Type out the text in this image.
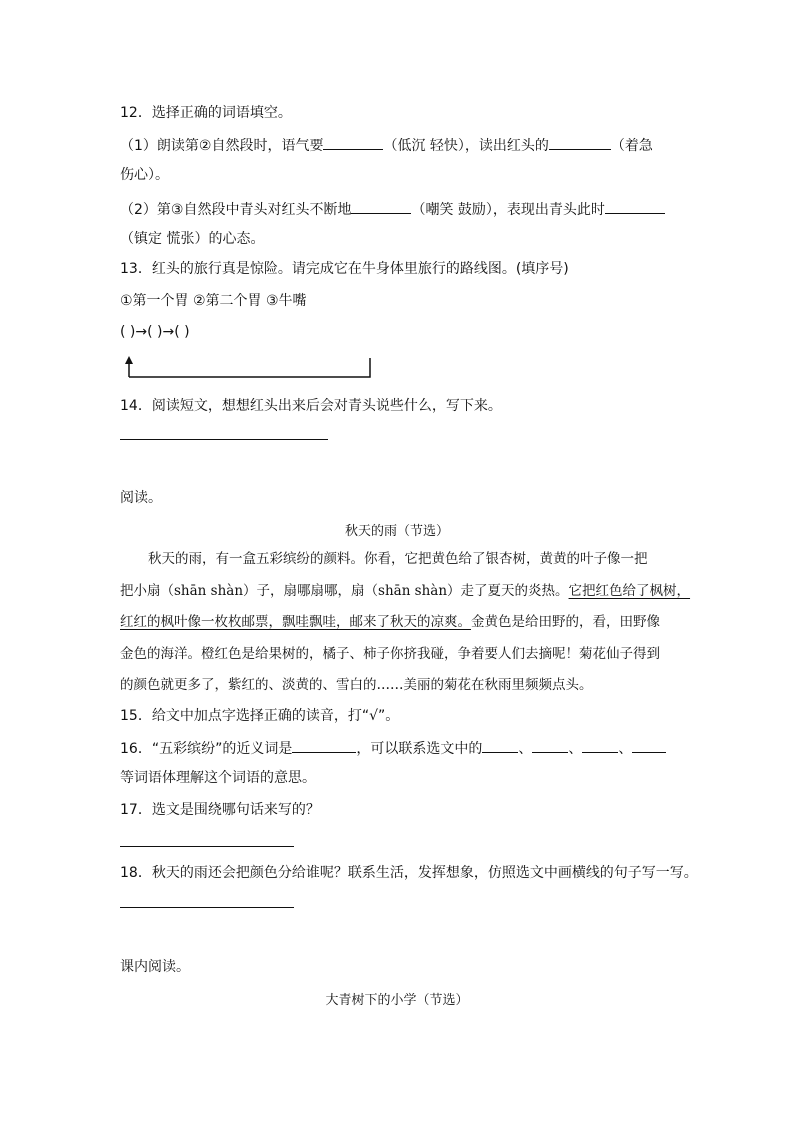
12．选择正确的词语填空。
（1）朗读第②自然段时，语气要	（低沉 轻快），读出红头的	（着急
伤心）。
（2）第③自然段中青头对红头不断地	（嘲笑 鼓励），表现出青头此时
（镇定 慌张）的心态。
13．红头的旅行真是惊险。请完成它在牛身体里旅行的路线图。(填序号)
①第一个胃 ②第二个胃 ③牛嘴
( )→( )→( )
14．阅读短文，想想红头出来后会对青头说些什么，写下来。
阅读。
秋天的雨（节选）
秋天的雨，有一盒五彩缤纷的颜料。你看，它把黄色给了银杏树，黄黄的叶子像一把
把小扇（shān shàn）子，扇哪扇哪，扇（shān shàn）走了夏天的炎热。它把红色给了枫树，
红红的枫叶像一枚枚邮票，飘哇飘哇，邮来了秋天的凉爽。金黄色是给田野的，看，田野像
金色的海洋。橙红色是给果树的，橘子、柿子你挤我碰，争着要人们去摘呢！菊花仙子得到
的颜色就更多了，紫红的、淡黄的、雪白的……美丽的菊花在秋雨里频频点头。
15．给文中加点字选择正确的读音，打“√”。
16．“五彩缤纷”的近义词是	，可以联系选文中的	、	、	、
等词语体理解这个词语的意思。
17．选文是围绕哪句话来写的？
18．秋天的雨还会把颜色分给谁呢？联系生活，发挥想象，仿照选文中画横线的句子写一写。
课内阅读。
大青树下的小学（节选）
